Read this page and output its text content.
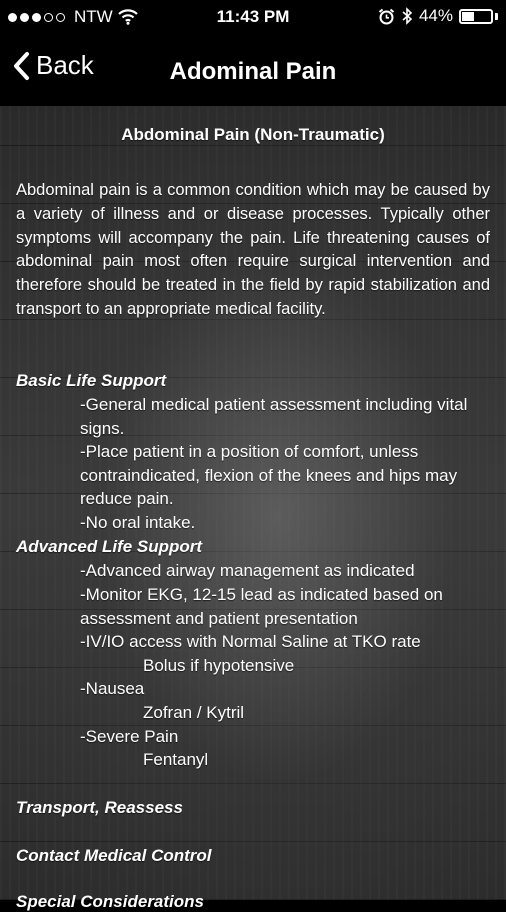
NTW	11:43 PM	44%
Back	Adominal Pain
Abdominal Pain (Non-Traumatic)
Abdominal pain is a common condition which may be caused by a variety of illness and or disease processes. Typically other symptoms will accompany the pain. Life threatening causes of abdominal pain most often require surgical intervention and therefore should be treated in the field by rapid stabilization and transport to an appropriate medical facility.
Basic Life Support
-General medical patient assessment including vital signs.
-Place patient in a position of comfort, unless contraindicated, flexion of the knees and hips may reduce pain.
-No oral intake.
Advanced Life Support
-Advanced airway management as indicated
-Monitor EKG, 12-15 lead as indicated based on assessment and patient presentation
-IV/IO access with Normal Saline at TKO rate
Bolus if hypotensive
-Nausea
Zofran / Kytril
-Severe Pain
Fentanyl
Transport, Reassess
Contact Medical Control
Special Considerations
